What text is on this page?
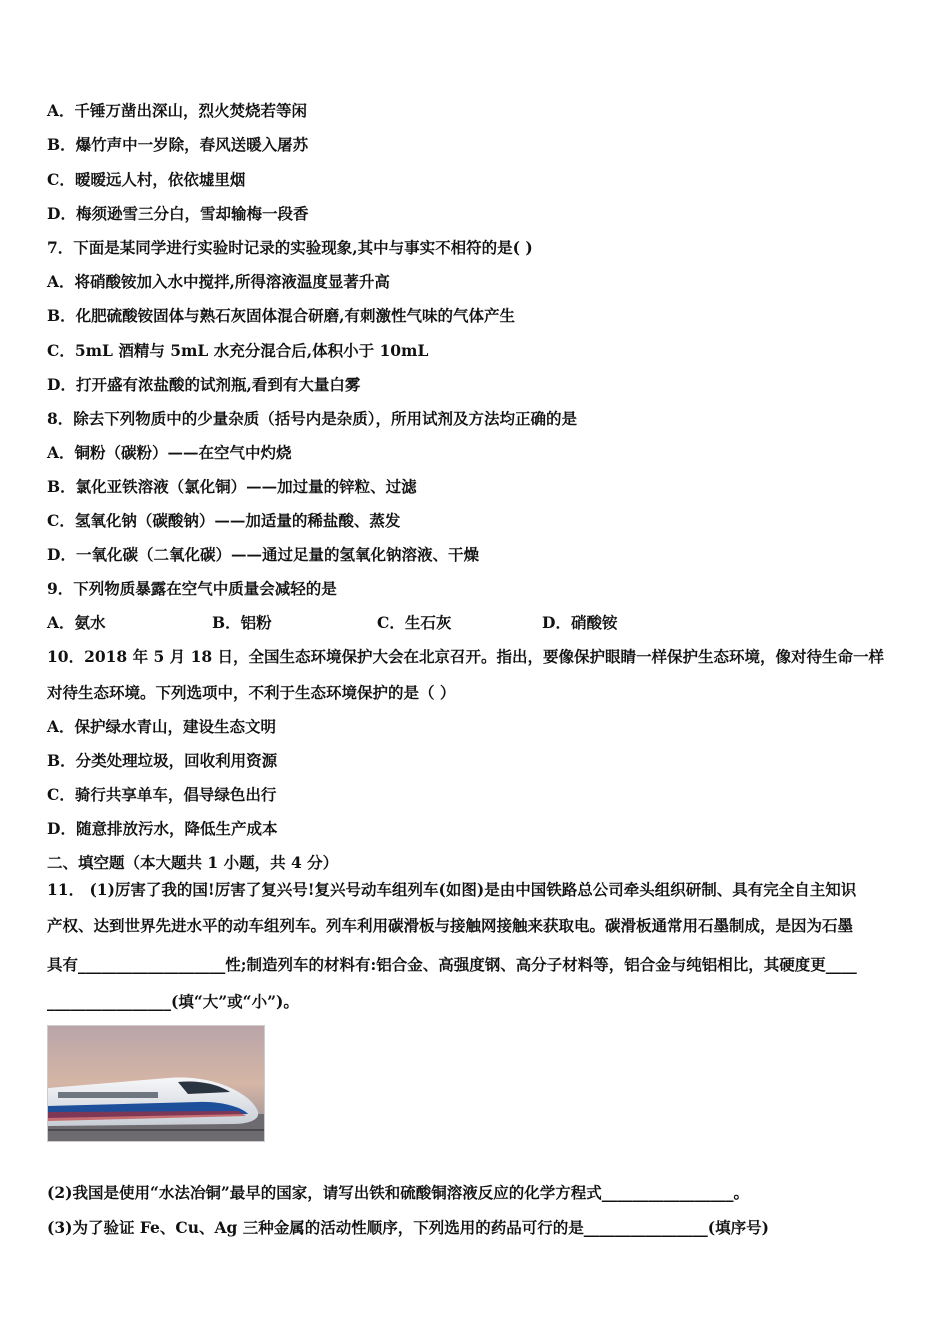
A．千锤万凿出深山，烈火焚烧若等闲
B．爆竹声中一岁除，春风送暖入屠苏
C．暧暧远人村，依依墟里烟
D．梅须逊雪三分白，雪却输梅一段香
7．下面是某同学进行实验时记录的实验现象,其中与事实不相符的是( )
A．将硝酸铵加入水中搅拌,所得溶液温度显著升高
B．化肥硫酸铵固体与熟石灰固体混合研磨,有刺激性气味的气体产生
C．5mL 酒精与 5mL 水充分混合后,体积小于 10mL
D．打开盛有浓盐酸的试剂瓶,看到有大量白雾
8．除去下列物质中的少量杂质（括号内是杂质），所用试剂及方法均正确的是
A．铜粉（碳粉）——在空气中灼烧
B．氯化亚铁溶液（氯化铜）——加过量的锌粒、过滤
C．氢氧化钠（碳酸钠）——加适量的稀盐酸、蒸发
D．一氧化碳（二氧化碳）——通过足量的氢氧化钠溶液、干燥
9．下列物质暴露在空气中质量会减轻的是
A．氨水	B．铝粉	C．生石灰	D．硝酸铵
10．2018 年 5 月 18 日，全国生态环境保护大会在北京召开。指出，要像保护眼睛一样保护生态环境，像对待生命一样
对待生态环境。下列选项中，不利于生态环境保护的是（ ）
A．保护绿水青山，建设生态文明
B．分类处理垃圾，回收利用资源
C．骑行共享单车，倡导绿色出行
D．随意排放污水，降低生产成本
二、填空题（本大题共 1 小题，共 4 分）
11． (1)厉害了我的国!厉害了复兴号!复兴号动车组列车(如图)是由中国铁路总公司牵头组织研制、具有完全自主知识
产权、达到世界先进水平的动车组列车。列车利用碳滑板与接触网接触来获取电。碳滑板通常用石墨制成，是因为石墨
具有___________________性;制造列车的材料有:铝合金、高强度钢、高分子材料等，铝合金与纯铝相比，其硬度更____
________________(填“大”或“小”)。
(2)我国是使用“水法冶铜”最早的国家，请写出铁和硫酸铜溶液反应的化学方程式_________________。
(3)为了验证 Fe、Cu、Ag 三种金属的活动性顺序，下列选用的药品可行的是________________(填序号)
